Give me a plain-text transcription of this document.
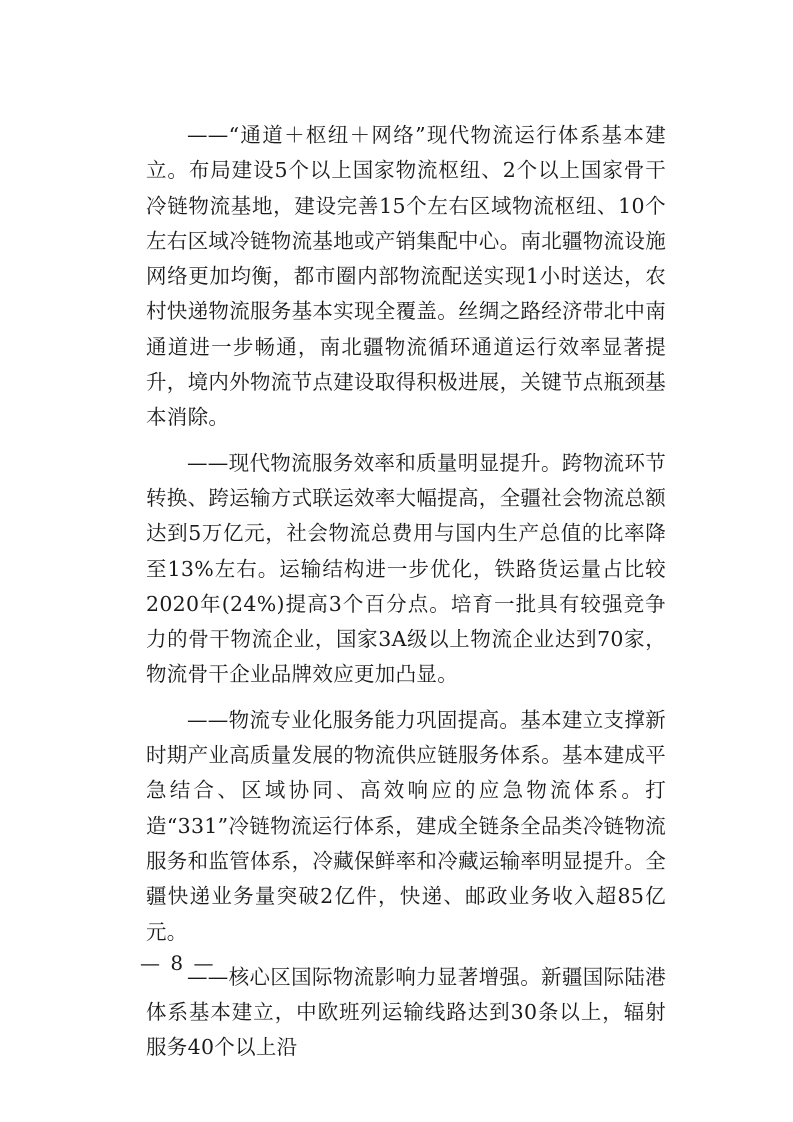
——“通道＋枢纽＋网络”现代物流运行体系基本建立。布局建设5个以上国家物流枢纽、2个以上国家骨干冷链物流基地，建设完善15个左右区域物流枢纽、10个左右区域冷链物流基地或产销集配中心。南北疆物流设施网络更加均衡，都市圈内部物流配送实现1小时送达，农村快递物流服务基本实现全覆盖。丝绸之路经济带北中南通道进一步畅通，南北疆物流循环通道运行效率显著提升，境内外物流节点建设取得积极进展，关键节点瓶颈基本消除。

——现代物流服务效率和质量明显提升。跨物流环节转换、跨运输方式联运效率大幅提高，全疆社会物流总额达到5万亿元，社会物流总费用与国内生产总值的比率降至13%左右。运输结构进一步优化，铁路货运量占比较2020年(24%)提高3个百分点。培育一批具有较强竞争力的骨干物流企业，国家3A级以上物流企业达到70家，物流骨干企业品牌效应更加凸显。

——物流专业化服务能力巩固提高。基本建立支撑新时期产业高质量发展的物流供应链服务体系。基本建成平急结合、区域协同、高效响应的应急物流体系。打造“331”冷链物流运行体系，建成全链条全品类冷链物流服务和监管体系，冷藏保鲜率和冷藏运输率明显提升。全疆快递业务量突破2亿件，快递、邮政业务收入超85亿元。

——核心区国际物流影响力显著增强。新疆国际陆港体系基本建立，中欧班列运输线路达到30条以上，辐射服务40个以上沿

— 8 —
